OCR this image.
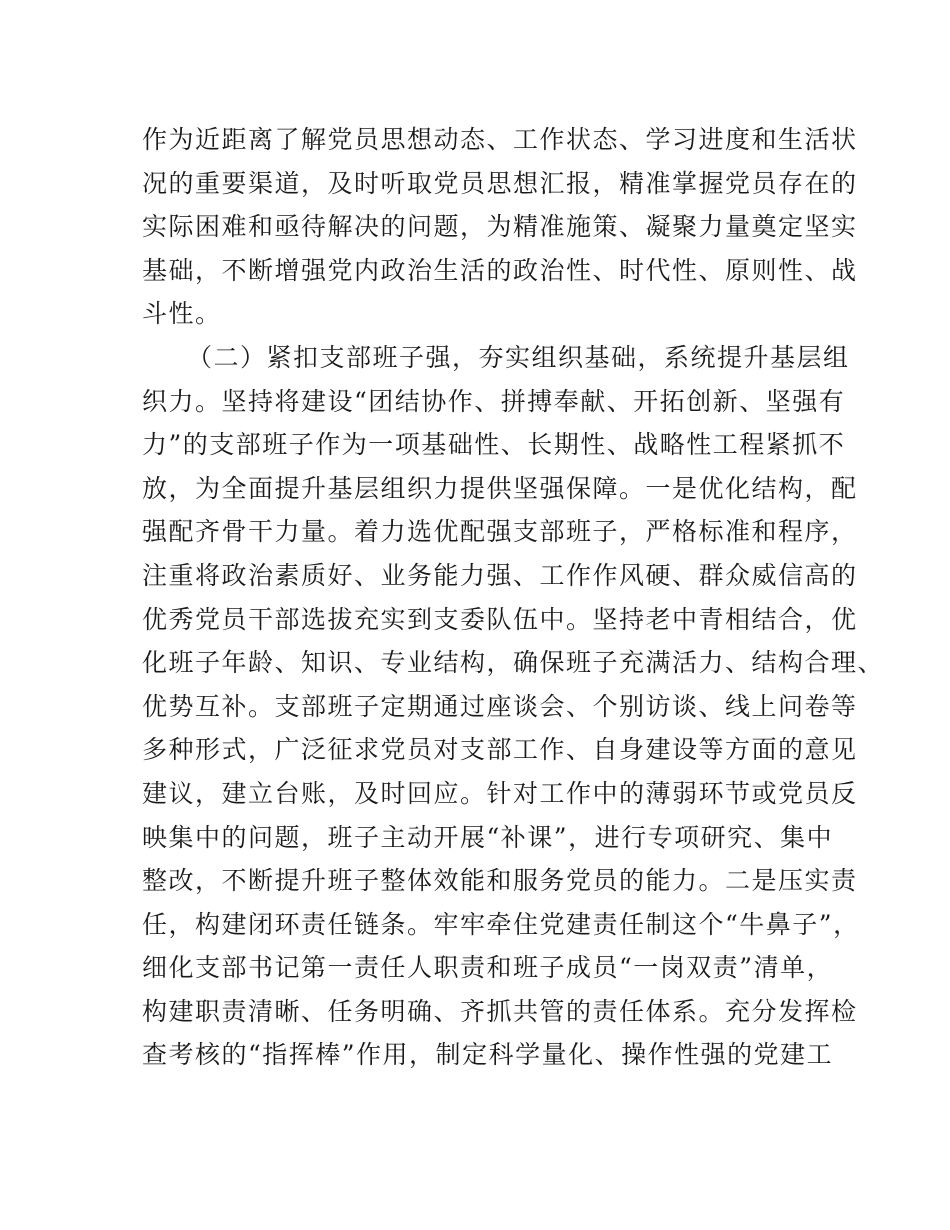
作为近距离了解党员思想动态、工作状态、学习进度和生活状
况的重要渠道，及时听取党员思想汇报，精准掌握党员存在的
实际困难和亟待解决的问题，为精准施策、凝聚力量奠定坚实
基础，不断增强党内政治生活的政治性、时代性、原则性、战
斗性。
（二）紧扣支部班子强，夯实组织基础，系统提升基层组
织力。坚持将建设“团结协作、拼搏奉献、开拓创新、坚强有
力”的支部班子作为一项基础性、长期性、战略性工程紧抓不
放，为全面提升基层组织力提供坚强保障。一是优化结构，配
强配齐骨干力量。着力选优配强支部班子，严格标准和程序，
注重将政治素质好、业务能力强、工作作风硬、群众威信高的
优秀党员干部选拔充实到支委队伍中。坚持老中青相结合，优
化班子年龄、知识、专业结构，确保班子充满活力、结构合理、
优势互补。支部班子定期通过座谈会、个别访谈、线上问卷等
多种形式，广泛征求党员对支部工作、自身建设等方面的意见
建议，建立台账，及时回应。针对工作中的薄弱环节或党员反
映集中的问题，班子主动开展“补课”，进行专项研究、集中
整改，不断提升班子整体效能和服务党员的能力。二是压实责
任，构建闭环责任链条。牢牢牵住党建责任制这个“牛鼻子”，
细化支部书记第一责任人职责和班子成员“一岗双责”清单，
构建职责清晰、任务明确、齐抓共管的责任体系。充分发挥检
查考核的“指挥棒”作用，制定科学量化、操作性强的党建工
